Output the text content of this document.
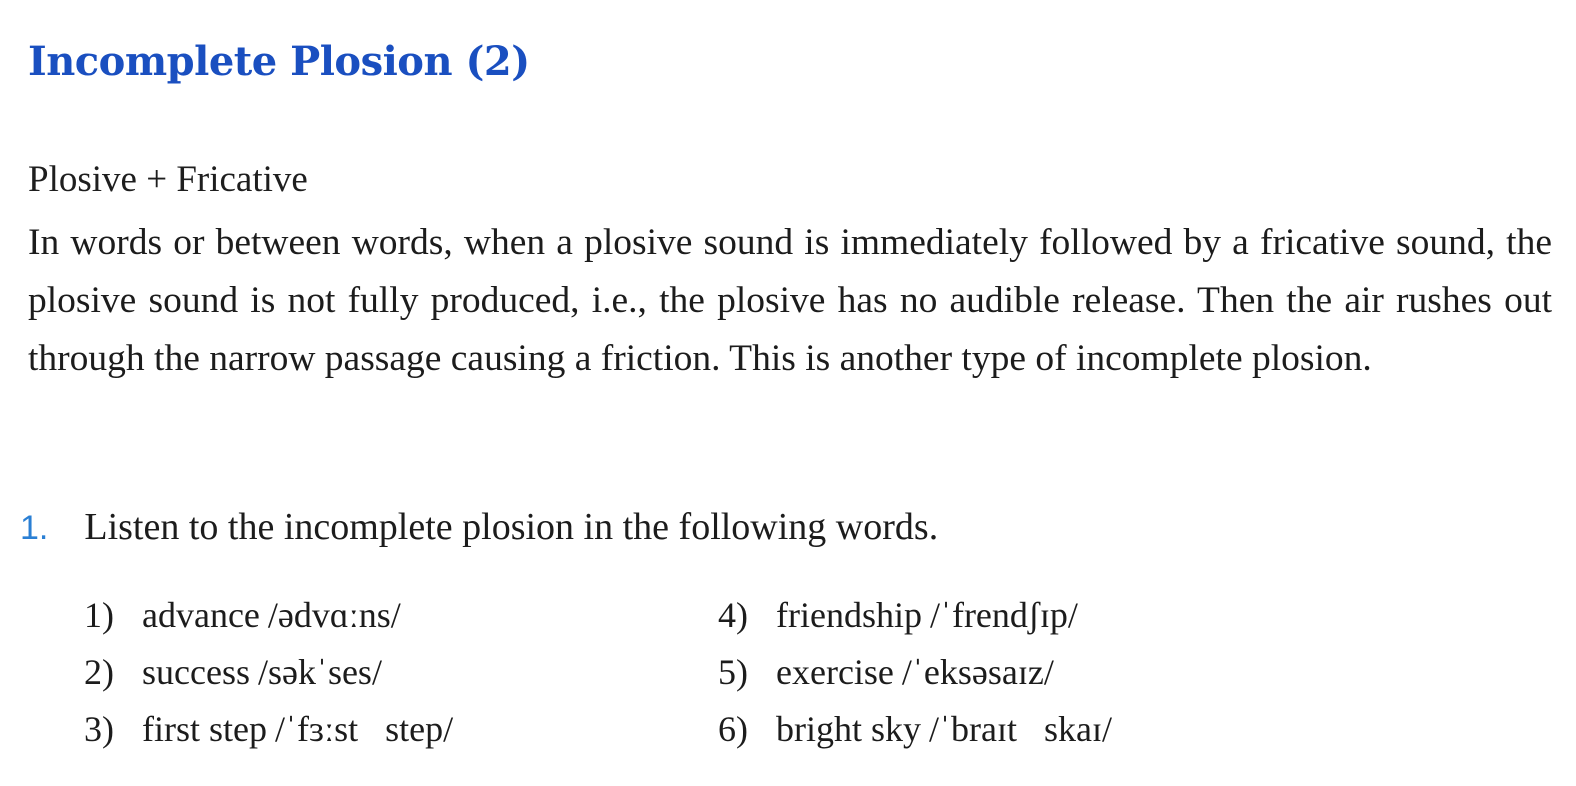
Incomplete Plosion (2)

Plosive + Fricative

In words or between words, when a plosive sound is immediately followed by a fricative sound, the plosive sound is not fully produced, i.e., the plosive has no audible release. Then the air rushes out through the narrow passage causing a friction. This is another type of incomplete plosion.

1. Listen to the incomplete plosion in the following words.

1) advance /ədvɑːns/

2) success /səkˈses/

3) first step /ˈfɜːst   step/

4) friendship /ˈfrendʃɪp/

5) exercise /ˈeksəsaɪz/

6) bright sky /ˈbraɪt   skaɪ/
